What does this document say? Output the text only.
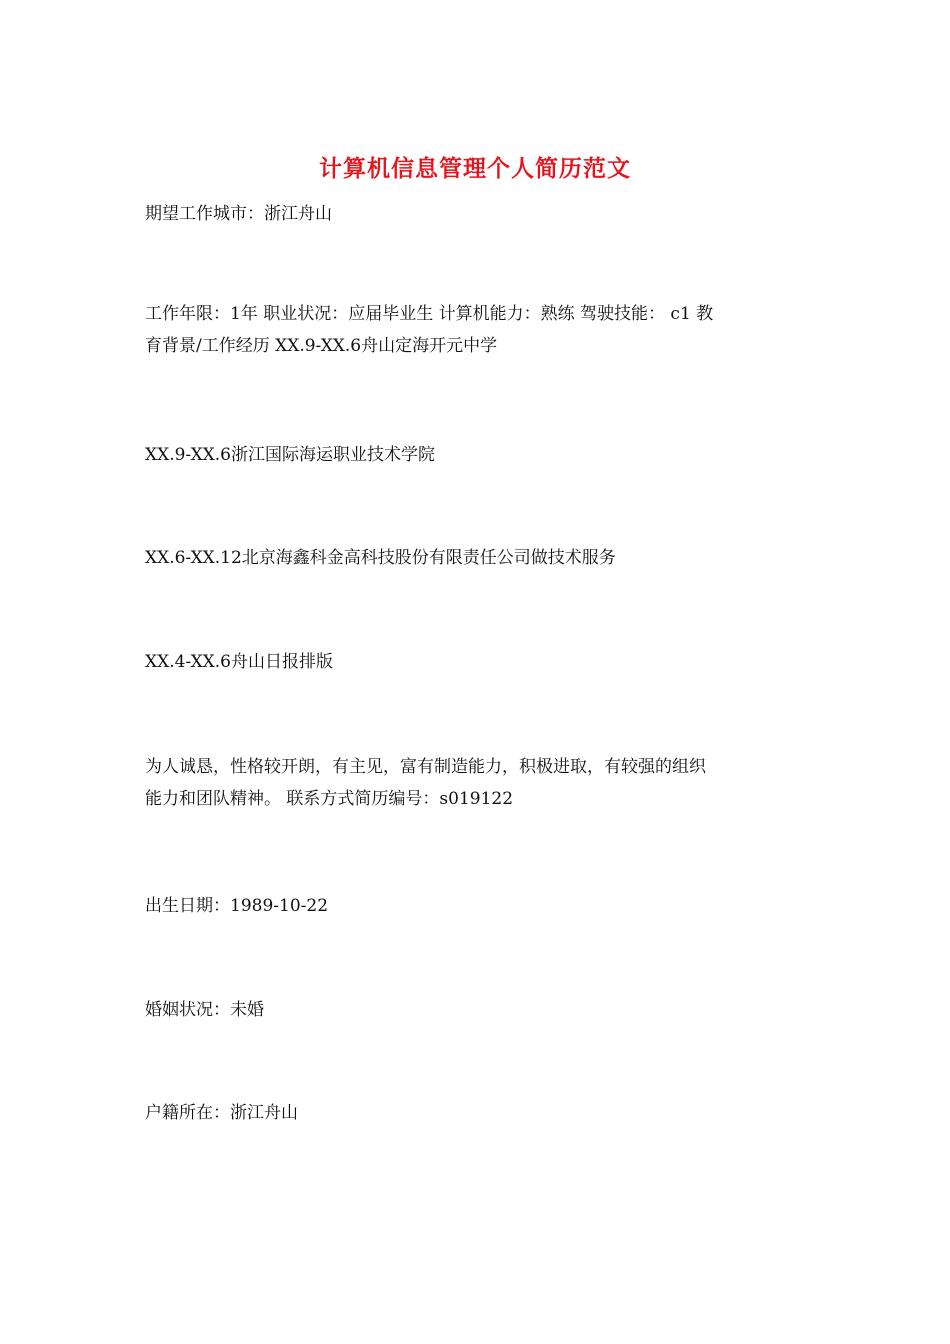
计算机信息管理个人简历范文
期望工作城市：浙江舟山
工作年限：1年 职业状况：应届毕业生 计算机能力：熟练 驾驶技能： c1 教
育背景/工作经历 XX.9-XX.6舟山定海开元中学
XX.9-XX.6浙江国际海运职业技术学院
XX.6-XX.12北京海鑫科金高科技股份有限责任公司做技术服务
XX.4-XX.6舟山日报排版
为人诚恳，性格较开朗，有主见，富有制造能力，积极进取，有较强的组织
能力和团队精神。 联系方式简历编号：s019122
出生日期：1989-10-22
婚姻状况：未婚
户籍所在：浙江舟山
